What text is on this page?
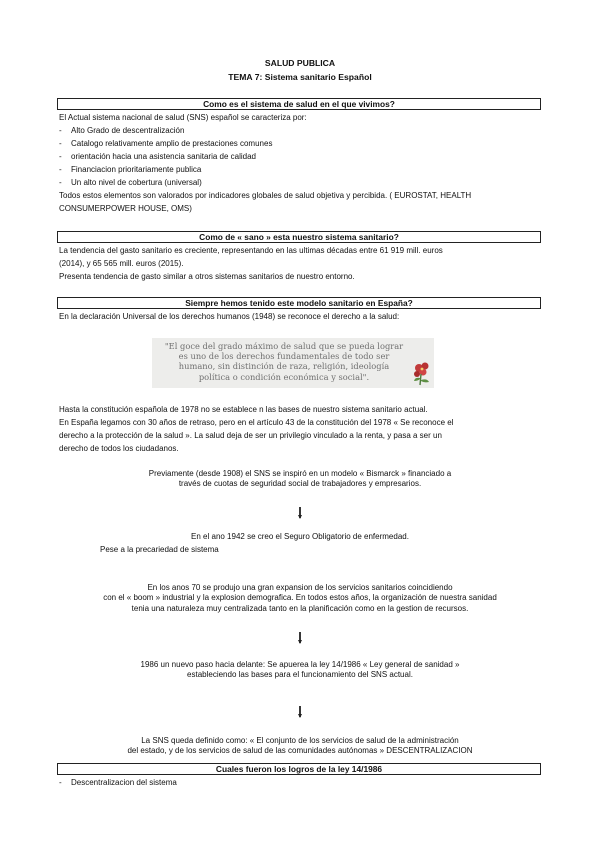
SALUD PUBLICA
TEMA 7: Sistema sanitario Español
Como es el sistema de salud en el que vivimos?
El Actual sistema nacional de salud (SNS) español se caracteriza por:
- Alto Grado de descentralización
- Catalogo relativamente amplio de prestaciones comunes
- orientación hacia una asistencia sanitaria de calidad
- Financiacion prioritariamente publica
- Un alto nivel de cobertura (universal)
Todos estos elementos son valorados por indicadores globales de salud objetiva y percibida. ( EUROSTAT, HEALTH
CONSUMERPOWER HOUSE, OMS)
Como de « sano » esta nuestro sistema sanitario?
La tendencia del gasto sanitario es creciente, representando en las ultimas décadas entre 61 919 mill. euros
(2014), y 65 565 mill. euros (2015).
Presenta tendencia de gasto similar a otros sistemas sanitarios de nuestro entorno.
Siempre hemos tenido este modelo sanitario en España?
En la declaración Universal de los derechos humanos (1948) se reconoce el derecho a la salud:
"El goce del grado máximo de salud que se pueda lograr
es uno de los derechos fundamentales de todo ser
humano, sin distinción de raza, religión, ideología
política o condición económica y social".
Hasta la constitución española de 1978 no se establece n las bases de nuestro sistema sanitario actual.
En España legamos con 30 años de retraso, pero en el artículo 43 de la constitución del 1978 « Se reconoce el
derecho a la protección de la salud ». La salud deja de ser un privilegio vinculado a la renta, y pasa a ser un
derecho de todos los ciudadanos.
Previamente (desde 1908) el SNS se inspiró en un modelo « Bismarck » financiado a
través de cuotas de seguridad social de trabajadores y empresarios.
En el ano 1942 se creo el Seguro Obligatorio de enfermedad.
Pese a la precariedad de sistema
En los anos 70 se produjo una gran expansion de los servicios sanitarios coincidiendo
con el « boom » industrial y la explosion demografica. En todos estos años, la organización de nuestra sanidad
tenia una naturaleza muy centralizada tanto en la planificación como en la gestion de recursos.
1986 un nuevo paso hacia delante: Se apuerea la ley 14/1986 « Ley general de sanidad »
estableciendo las bases para el funcionamiento del SNS actual.
La SNS queda definido como: « El conjunto de los servicios de salud de la administración
del estado, y de los servicios de salud de las comunidades autónomas » DESCENTRALIZACION
Cuales fueron los logros de la ley 14/1986
- Descentralizacion del sistema
